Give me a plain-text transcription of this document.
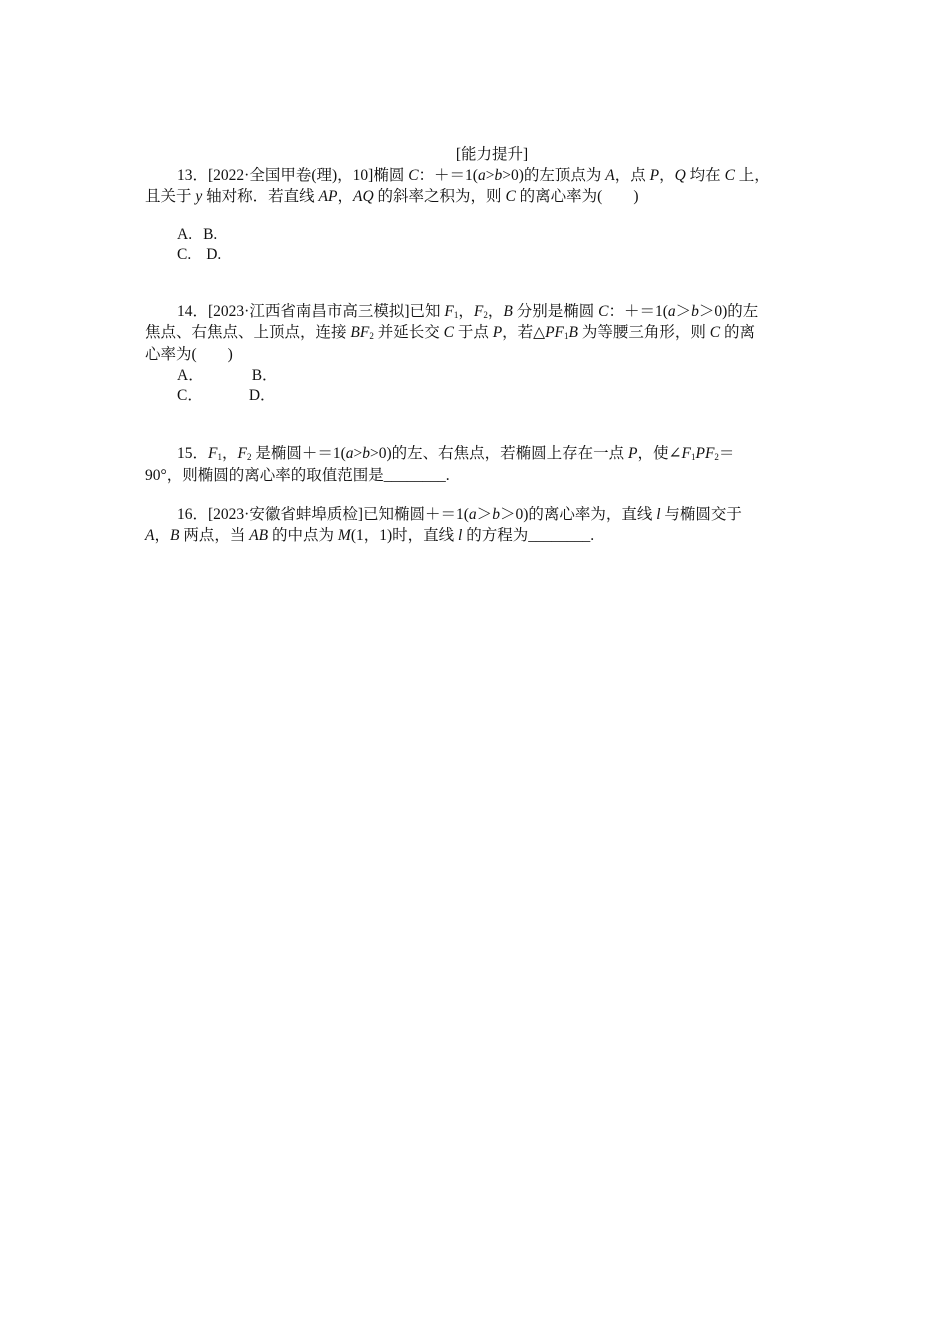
[能力提升]
13．[2022·全国甲卷(理)，10]椭圆 C：＋＝1(a>b>0)的左顶点为 A，点 P，Q 均在 C 上，
且关于 y 轴对称．若直线 AP，AQ 的斜率之积为，则 C 的离心率为(　　)
A. B.
C. D.
14．[2023·江西省南昌市高三模拟]已知 $F_1$，$F_2$，B 分别是椭圆 C：＋＝1(a＞b＞0)的左
焦点、右焦点、上顶点，连接 $BF_2$ 并延长交 C 于点 P，若$\triangle PF_1B$ 为等腰三角形，则 C 的离
心率为(　　)
A．	B．
C．	D．
15．$F_1$，$F_2$ 是椭圆＋＝1(a>b>0)的左、右焦点，若椭圆上存在一点 P，使$\angle F_1PF_2=$
90°，则椭圆的离心率的取值范围是________.
16．[2023·安徽省蚌埠质检]已知椭圆＋＝1(a＞b＞0)的离心率为，直线 l 与椭圆交于
A，B 两点，当 AB 的中点为 M(1，1)时，直线 l 的方程为________.
